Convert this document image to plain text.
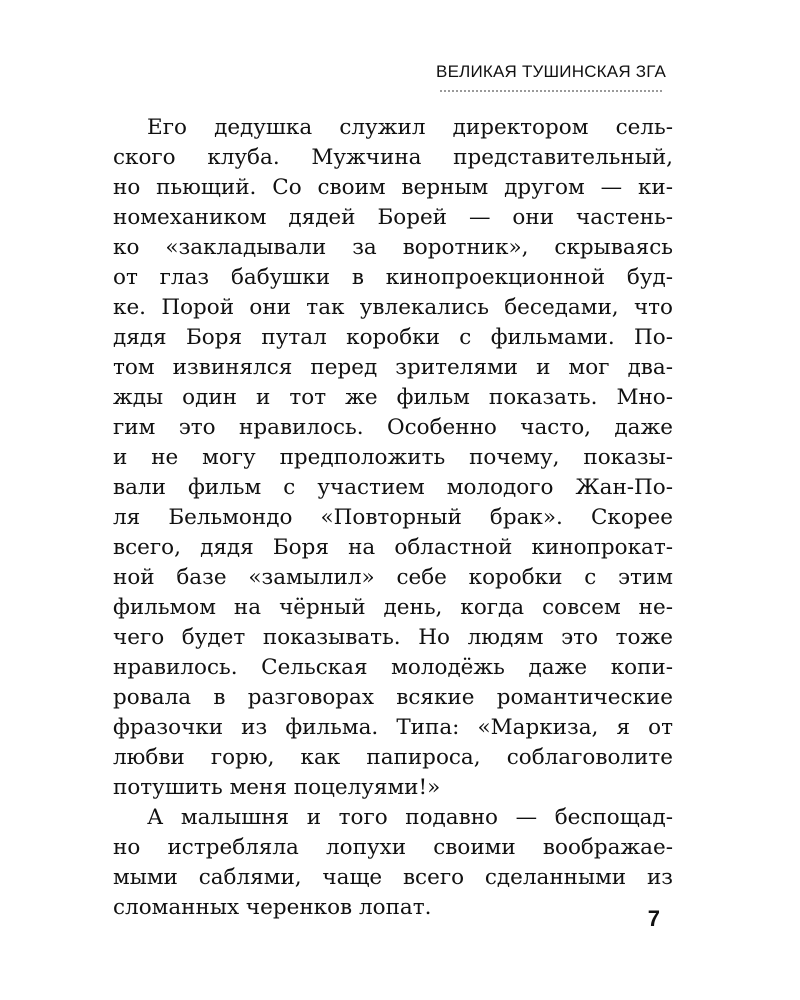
ВЕЛИКАЯ ТУШИНСКАЯ ЗГА
Его дедушка служил директором сель-
ского клуба. Мужчина представительный,
но пьющий. Со своим верным другом — ки-
номехаником дядей Борей — они частень-
ко «закладывали за воротник», скрываясь
от глаз бабушки в кинопроекционной буд-
ке. Порой они так увлекались беседами, что
дядя Боря путал коробки с фильмами. По-
том извинялся перед зрителями и мог два-
жды один и тот же фильм показать. Мно-
гим это нравилось. Особенно часто, даже
и не могу предположить почему, показы-
вали фильм с участием молодого Жан-По-
ля Бельмондо «Повторный брак». Скорее
всего, дядя Боря на областной кинопрокат-
ной базе «замылил» себе коробки с этим
фильмом на чёрный день, когда совсем не-
чего будет показывать. Но людям это тоже
нравилось. Сельская молодёжь даже копи-
ровала в разговорах всякие романтические
фразочки из фильма. Типа: «Маркиза, я от
любви горю, как папироса, соблаговолите
потушить меня поцелуями!»
А малышня и того подавно — беспощад-
но истребляла лопухи своими воображае-
мыми саблями, чаще всего сделанными из
сломанных черенков лопат.	7
